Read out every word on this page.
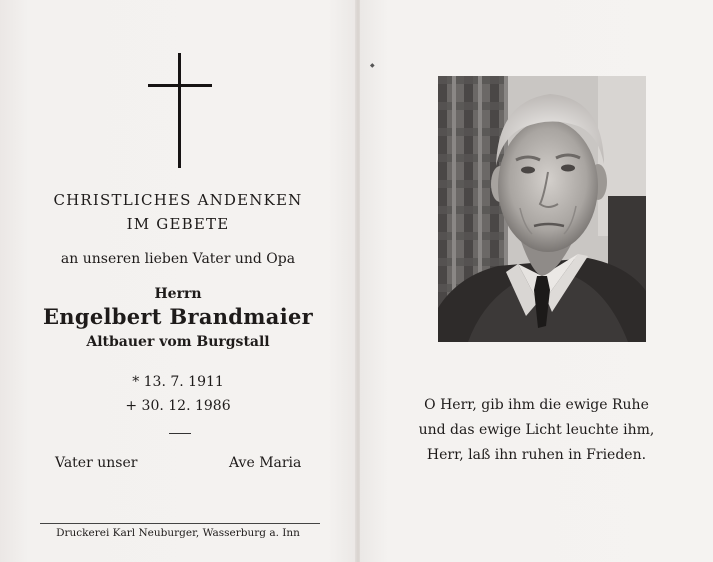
CHRISTLICHES ANDENKEN
IM GEBETE
an unseren lieben Vater und Opa
Herrn
Engelbert Brandmaier
Altbauer vom Burgstall
* 13. 7. 1911
+ 30. 12. 1986
Vater unser	Ave Maria
Druckerei Karl Neuburger, Wasserburg a. Inn
◆
O Herr, gib ihm die ewige Ruhe
und das ewige Licht leuchte ihm,
Herr, laß ihn ruhen in Frieden.
